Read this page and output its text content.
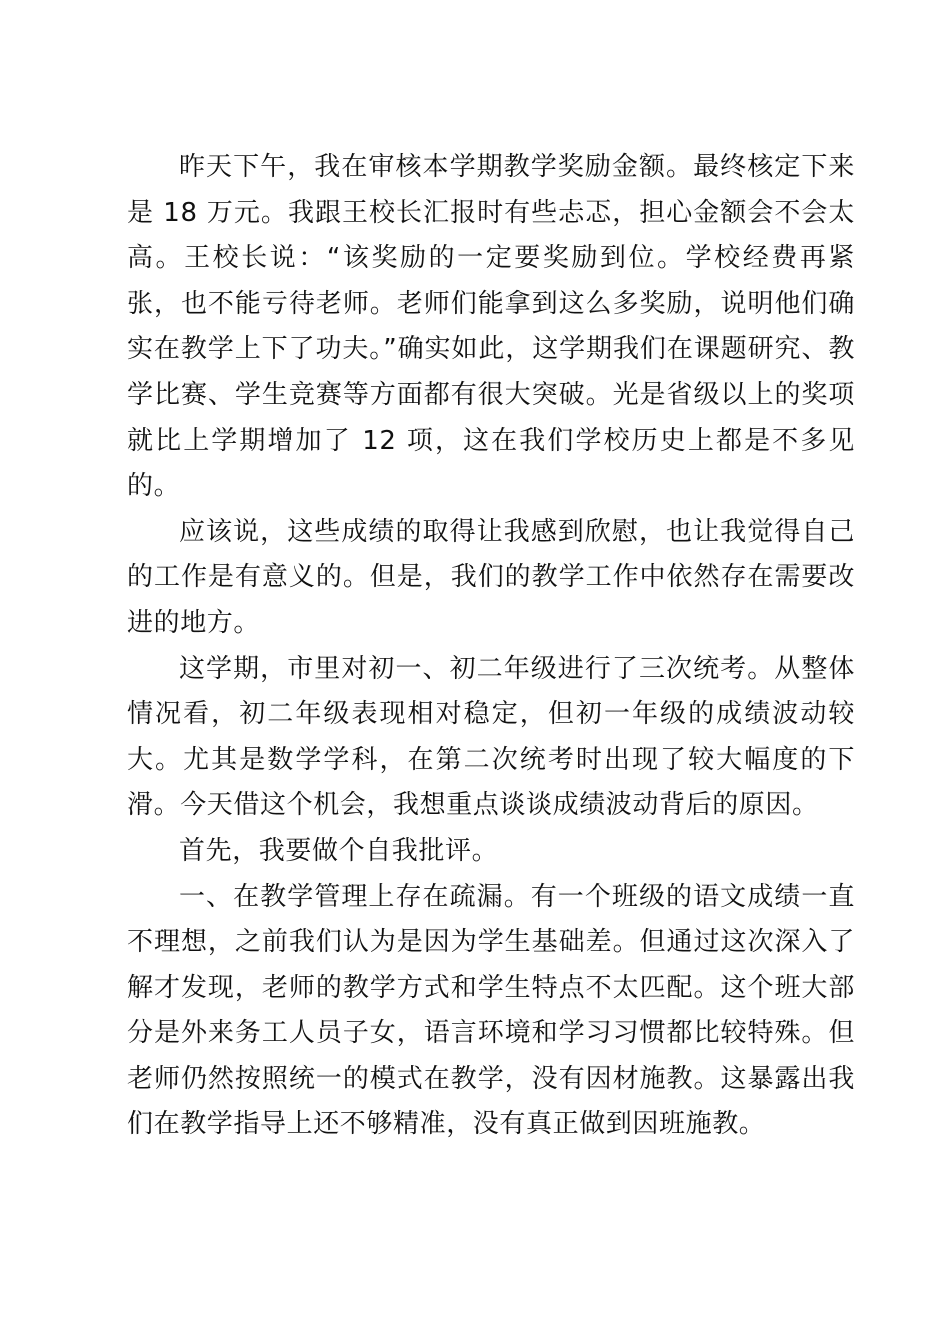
昨天下午，我在审核本学期教学奖励金额。最终核定下来是 18 万元。我跟王校长汇报时有些忐忑，担心金额会不会太高。王校长说：“该奖励的一定要奖励到位。学校经费再紧张，也不能亏待老师。老师们能拿到这么多奖励，说明他们确实在教学上下了功夫。”确实如此，这学期我们在课题研究、教学比赛、学生竞赛等方面都有很大突破。光是省级以上的奖项就比上学期增加了 12 项，这在我们学校历史上都是不多见的。

应该说，这些成绩的取得让我感到欣慰，也让我觉得自己的工作是有意义的。但是，我们的教学工作中依然存在需要改进的地方。

这学期，市里对初一、初二年级进行了三次统考。从整体情况看，初二年级表现相对稳定，但初一年级的成绩波动较大。尤其是数学学科，在第二次统考时出现了较大幅度的下滑。今天借这个机会，我想重点谈谈成绩波动背后的原因。

首先，我要做个自我批评。

一、在教学管理上存在疏漏。有一个班级的语文成绩一直不理想，之前我们认为是因为学生基础差。但通过这次深入了解才发现，老师的教学方式和学生特点不太匹配。这个班大部分是外来务工人员子女，语言环境和学习习惯都比较特殊。但老师仍然按照统一的模式在教学，没有因材施教。这暴露出我们在教学指导上还不够精准，没有真正做到因班施教。
